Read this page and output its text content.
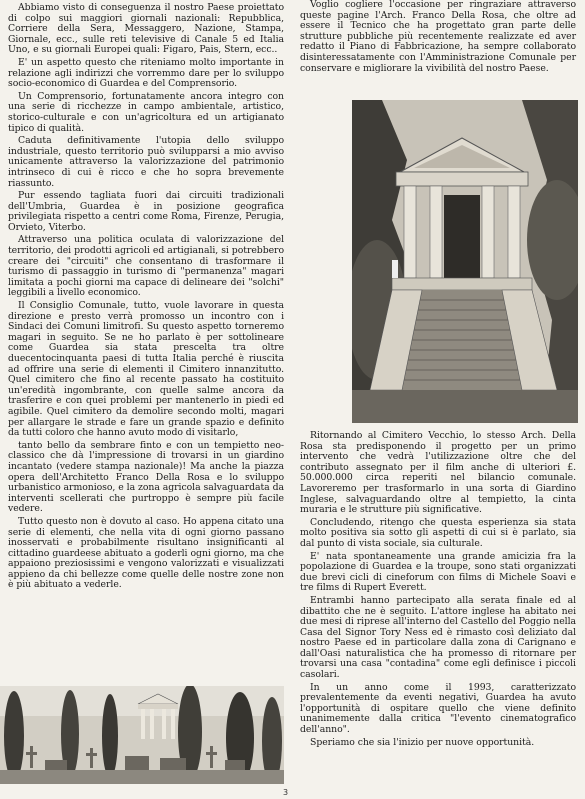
Abbiamo visto di conseguenza il nostro Paese proiettato di colpo sui maggiori giornali nazionali: Repubblica, Corriere della Sera, Messaggero, Nazione, Stampa, Giornale, ecc., sulle reti televisive di Canale 5 ed Italia Uno, e su giornali Europei quali: Figaro, Pais, Stern, ecc..

E' un aspetto questo che riteniamo molto importante in relazione agli indirizzi che vorremmo dare per lo sviluppo socio-economico di Guardea e del Comprensorio.

Un Comprensorio, fortunatamente ancora integro con una serie di ricchezze in campo ambientale, artistico, storico-culturale e con un'agricoltura ed un artigianato tipico di qualità.

Caduta definitivamente l'utopia dello sviluppo industriale, questo territorio può svilupparsi a mio avviso unicamente attraverso la valorizzazione del patrimonio intrinseco di cui è ricco e che ho sopra brevemente riassunto.

Pur essendo tagliata fuori dai circuiti tradizionali dell'Umbria, Guardea è in posizione geografica privilegiata rispetto a centri come Roma, Firenze, Perugia, Orvieto, Viterbo.

Attraverso una politica oculata di valorizzazione del territorio, dei prodotti agricoli ed artigianali, si potrebbero creare dei "circuiti" che consentano di trasformare il turismo di passaggio in turismo di "permanenza" magari limitata a pochi giorni ma capace di delineare dei "solchi" leggibili a livello economico.

Il Consiglio Comunale, tutto, vuole lavorare in questa direzione e presto verrà promosso un incontro con i Sindaci dei Comuni limitrofi. Su questo aspetto torneremo magari in seguito. Se ne ho parlato è per sottolineare come Guardea sia stata prescelta tra oltre duecentocinquanta paesi di tutta Italia perché è riuscita ad offrire una serie di elementi il Cimitero innanzitutto. Quel cimitero che fino al recente passato ha costituito un'eredità ingombrante, con quelle salme ancora da trasferire e con quei problemi per mantenerlo in piedi ed agibile. Quel cimitero da demolire secondo molti, magari per allargare le strade e fare un grande spazio e definito da tutti coloro che hanno avuto modo di visitarlo,

tanto bello da sembrare finto e con un tempietto neo-classico che dà l'impressione di trovarsi in un giardino incantato (vedere stampa nazionale)! Ma anche la piazza opera dell'Architetto Franco Della Rosa e lo sviluppo urbanistico armonioso, e la zona agricola salvaguardata da interventi scellerati che purtroppo è sempre più facile vedere.

Tutto questo non è dovuto al caso. Ho appena citato una serie di elementi, che nella vita di ogni giorno passano inosservati e probabilmente risultano insignificanti al cittadino guardeese abituato a goderli ogni giorno, ma che appaiono preziosissimi e vengono valorizzati e visualizzati appieno da chi bellezze come quelle delle nostre zone non è più abituato a vederle.

Voglio cogliere l'occasione per ringraziare attraverso queste pagine l'Arch. Franco Della Rosa, che oltre ad essere il Tecnico che ha progettato gran parte delle strutture pubbliche più recentemente realizzate ed aver redatto il Piano di Fabbricazione, ha sempre collaborato disinteressatamente con l'Amministrazione Comunale per conservare e migliorare la vivibilità del nostro Paese.

Ritornando al Cimitero Vecchio, lo stesso Arch. Della Rosa sta predisponendo il progetto per un primo intervento che vedrà l'utilizzazione oltre che del contributo assegnato per il film anche di ulteriori £. 50.000.000 circa reperiti nel bilancio comunale. Lavoreremo per trasformarlo in una sorta di Giardino Inglese, salvaguardando oltre al tempietto, la cinta muraria e le strutture più significative.

Concludendo, ritengo che questa esperienza sia stata molto positiva sia sotto gli aspetti di cui si è parlato, sia dal punto di vista sociale, sia culturale.

E' nata spontaneamente una grande amicizia fra la popolazione di Guardea e la troupe, sono stati organizzati due brevi cicli di cineforum con films di Michele Soavi e tre films di Rupert Everett.

Entrambi hanno partecipato alla serata finale ed al dibattito che ne è seguito. L'attore inglese ha abitato nei due mesi di riprese all'interno del Castello del Poggio nella Casa del Signor Tory Ness ed è rimasto così deliziato dal nostro Paese ed in particolare dalla zona di Carignano e dall'Oasi naturalistica che ha promesso di ritornare per trovarsi una casa "contadina" come egli definisce i piccoli casolari.

In un anno come il 1993, caratterizzato prevalentemente da eventi negativi, Guardea ha avuto l'opportunità di ospitare quello che viene definito unanimemente dalla critica "l'evento cinematografico dell'anno".

Speriamo che sia l'inizio per nuove opportunità.

3
